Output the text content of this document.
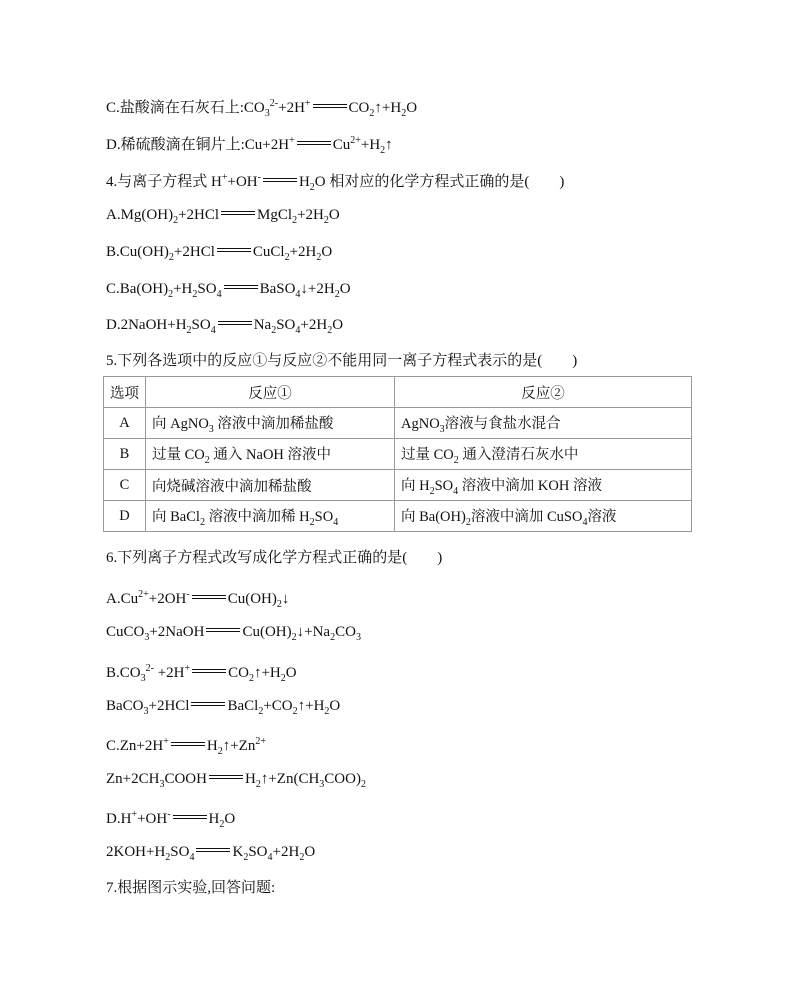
C.盐酸滴在石灰石上$:CO_3^{2-}+2H^+$	$CO_2↑+H_2O$
D.稀硫酸滴在铜片上:Cu+2H+	$Cu^{2+}+H_2↑$
4.与离子方程式 H++OH-	$H_2O$ 相对应的化学方程式正确的是(　　)
$A.Mg(OH)_2+2HCl$	$MgCl_2+2H_2O$
$B.Cu(OH)_2+2HCl$	$CuCl_2+2H_2O$
$C.Ba(OH)_2+H_2SO_4$	$BaSO_4↓+2H_2O$
$D.2NaOH+H_2SO_4$	$Na_2SO_4+2H_2O$
5.下列各选项中的反应①与反应②不能用同一离子方程式表示的是(　　)
选项	反应①	反应②
A	向 AgNO$_3$ 溶液中滴加稀盐酸	AgNO$_3$溶液与食盐水混合
B	过量 $CO_2$ 通入 NaOH 溶液中	过量 $CO_2$ 通入澄清石灰水中
C	向烧碱溶液中滴加稀盐酸	向 $H_2SO_4$ 溶液中滴加 KOH 溶液
D	向 BaCl$_2$ 溶液中滴加稀 $H_2SO_4$	向 $Ba(OH)_2$溶液中滴加 CuSO$_4$溶液
6.下列离子方程式改写成化学方程式正确的是(　　)
$A.Cu^{2+}+2OH^-$	$Cu(OH)_2↓$
CuCO$_3$+2NaOH	$Cu(OH)_2↓+Na_2CO_3$
$B.CO_3^{2-} +2H^+$	$CO_2↑+H_2O$
BaCO$_3$+2HCl	$BaCl_2+CO_2↑+H_2O$
C.Zn+2H+	$H_2↑+Zn^{2+}$
$Zn+2CH_3COOH$	$H_2↑+Zn(CH_3COO)_2$
D.H++OH-	$H_2O$
$2KOH+H_2SO_4$	$K_2SO_4+2H_2O$
7.根据图示实验,回答问题:
